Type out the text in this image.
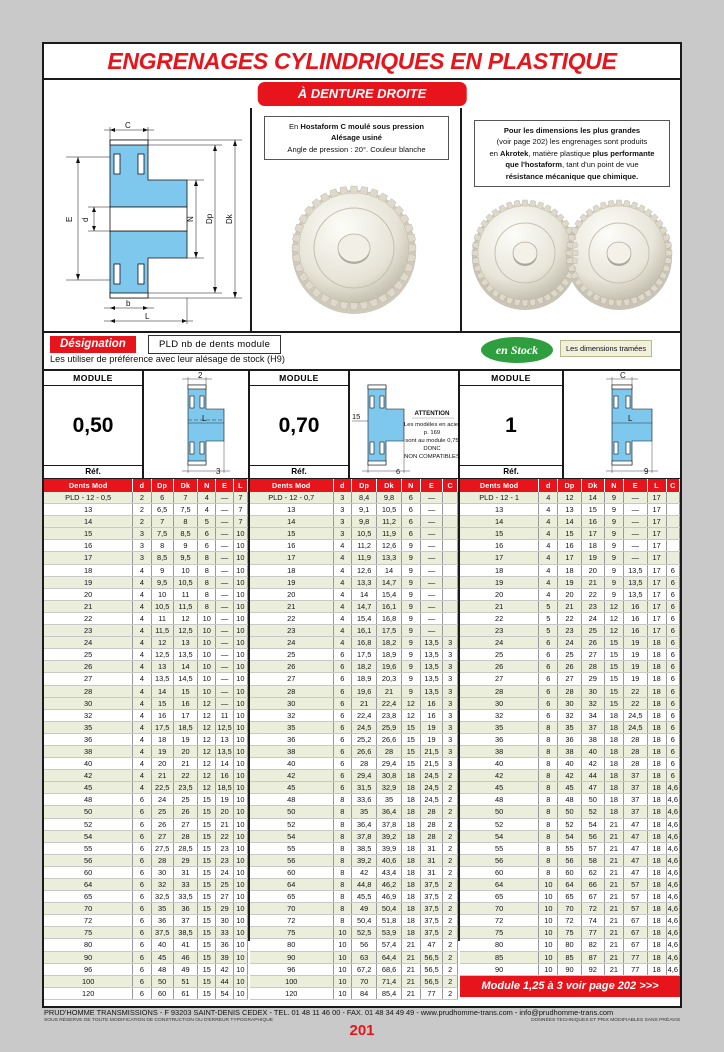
ENGRENAGES CYLINDRIQUES EN PLASTIQUE
À DENTURE DROITE
C
E d	N Dp Dk
b
L
En Hostaform C moulé sous pression
Alésage usiné
Angle de pression : 20°. Couleur blanche
Pour les dimensions les plus grandes
(voir page 202) les engrenages sont produits
en Akrotek, matière plastique plus performante
que l'hostaform, tant d'un point de vue
résistance mécanique que chimique.
Désignation	PLD nb de dents module
Les utiliser de préférence avec leur alésage de stock (H9)
en Stock	Les dimensions tramées
MODULE
0,50
Réf.
2
3
L
MODULE
0,70
Réf.	6
15	ATTENTION
Les modèles en acier
p. 169
sont au module 0,75
DONC
NON COMPATIBLES
MODULE
1
Réf.
C
9
L
Dents Mod	d	Dp	Dk	N	E	L
PLD - 12 - 0,5	2	6	7	4	—	7
13	2	6,5	7,5	4	—	7
14	2	7	8	5	—	7
15	3	7,5	8,5	6	—	10
16	3	8	9	6	—	10
17	3	8,5	9,5	8	—	10
18	4	9	10	8	—	10
19	4	9,5	10,5	8	—	10
20	4	10	11	8	—	10
21	4	10,5	11,5	8	—	10
22	4	11	12	10	—	10
23	4	11,5	12,5	10	—	10
24	4	12	13	10	—	10
25	4	12,5	13,5	10	—	10
26	4	13	14	10	—	10
27	4	13,5	14,5	10	—	10
28	4	14	15	10	—	10
30	4	15	16	12	—	10
32	4	16	17	12	11	10
35	4	17,5	18,5	12	12,5	10
36	4	18	19	12	13	10
38	4	19	20	12	13,5	10
40	4	20	21	12	14	10
42	4	21	22	12	16	10
45	4	22,5	23,5	12	18,5	10
48	6	24	25	15	19	10
50	6	25	26	15	20	10
52	6	26	27	15	21	10
54	6	27	28	15	22	10
55	6	27,5	28,5	15	23	10
56	6	28	29	15	23	10
60	6	30	31	15	24	10
64	6	32	33	15	25	10
65	6	32,5	33,5	15	27	10
70	6	35	36	15	29	10
72	6	36	37	15	30	10
75	6	37,5	38,5	15	33	10
80	6	40	41	15	36	10
90	6	45	46	15	39	10
96	6	48	49	15	42	10
100	6	50	51	15	44	10
120	6	60	61	15	54	10
Dents Mod	d	Dp	Dk	N	E	C
PLD - 12 - 0,7	3	8,4	9,8	6	—	
13	3	9,1	10,5	6	—	
14	3	9,8	11,2	6	—	
15	3	10,5	11,9	6	—	
16	4	11,2	12,6	9	—	
17	4	11,9	13,3	9	—	
18	4	12,6	14	9	—	
19	4	13,3	14,7	9	—	
20	4	14	15,4	9	—	
21	4	14,7	16,1	9	—	
22	4	15,4	16,8	9	—	
23	4	16,1	17,5	9	—	
24	4	16,8	18,2	9	13,5	3
25	6	17,5	18,9	9	13,5	3
26	6	18,2	19,6	9	13,5	3
27	6	18,9	20,3	9	13,5	3
28	6	19,6	21	9	13,5	3
30	6	21	22,4	12	16	3
32	6	22,4	23,8	12	16	3
35	6	24,5	25,9	15	19	3
36	6	25,2	26,6	15	19	3
38	6	26,6	28	15	21,5	3
40	6	28	29,4	15	21,5	3
42	6	29,4	30,8	18	24,5	2
45	6	31,5	32,9	18	24,5	2
48	8	33,6	35	18	24,5	2
50	8	35	36,4	18	28	2
52	8	36,4	37,8	18	28	2
54	8	37,8	39,2	18	28	2
55	8	38,5	39,9	18	31	2
56	8	39,2	40,6	18	31	2
60	8	42	43,4	18	31	2
64	8	44,8	46,2	18	37,5	2
65	8	45,5	46,9	18	37,5	2
70	8	49	50,4	18	37,5	2
72	8	50,4	51,8	18	37,5	2
75	10	52,5	53,9	18	37,5	2
80	10	56	57,4	21	47	2
90	10	63	64,4	21	56,5	2
96	10	67,2	68,6	21	56,5	2
100	10	70	71,4	21	56,5	2
120	10	84	85,4	21	77	2
Dents Mod	d	Dp	Dk	N	E	L	C
PLD - 12 - 1	4	12	14	9	—	17	
13	4	13	15	9	—	17	
14	4	14	16	9	—	17	
15	4	15	17	9	—	17	
16	4	16	18	9	—	17	
17	4	17	19	9	—	17	
18	4	18	20	9	13,5	17	6
19	4	19	21	9	13,5	17	6
20	4	20	22	9	13,5	17	6
21	5	21	23	12	16	17	6
22	5	22	24	12	16	17	6
23	5	23	25	12	16	17	6
24	6	24	26	15	19	18	6
25	6	25	27	15	19	18	6
26	6	26	28	15	19	18	6
27	6	27	29	15	19	18	6
28	6	28	30	15	22	18	6
30	6	30	32	15	22	18	6
32	6	32	34	18	24,5	18	6
35	8	35	37	18	24,5	18	6
36	8	36	38	18	28	18	6
38	8	38	40	18	28	18	6
40	8	40	42	18	28	18	6
42	8	42	44	18	37	18	6
45	8	45	47	18	37	18	4,6
48	8	48	50	18	37	18	4,6
50	8	50	52	18	37	18	4,6
52	8	52	54	21	47	18	4,6
54	8	54	56	21	47	18	4,6
55	8	55	57	21	47	18	4,6
56	8	56	58	21	47	18	4,6
60	8	60	62	21	47	18	4,6
64	10	64	66	21	57	18	4,6
65	10	65	67	21	57	18	4,6
70	10	70	72	21	57	18	4,6
72	10	72	74	21	67	18	4,6
75	10	75	77	21	67	18	4,6
80	10	80	82	21	67	18	4,6
85	10	85	87	21	77	18	4,6
90	10	90	92	21	77	18	4,6
Module 1,25 à 3 voir page 202 >>>
PRUD'HOMME TRANSMISSIONS - F 93203 SAINT-DENIS CEDEX - TEL. 01 48 11 46 00 - FAX. 01 48 34 49 49 - www.prudhomme-trans.com - info@prudhomme-trans.com
SOUS RÉSERVE DE TOUTE MODIFICATION DE CONSTRUCTION OU D'ERREUR TYPOGRAPHIQUE	DONNÉES TECHNIQUES ET PRIX MODIFIABLES SANS PRÉAVIS
201
